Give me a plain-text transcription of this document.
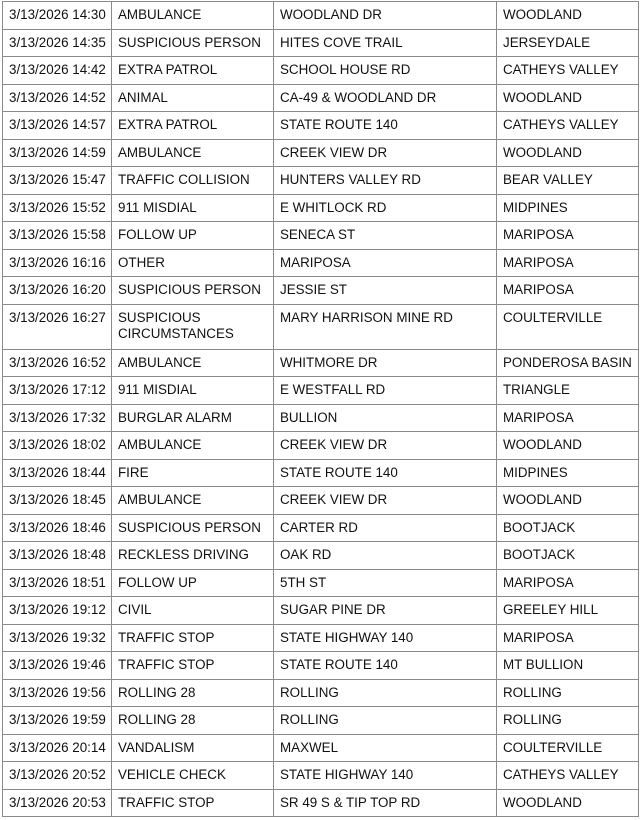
3/13/2026 14:30	AMBULANCE	WOODLAND DR	WOODLAND
3/13/2026 14:35	SUSPICIOUS PERSON	HITES COVE TRAIL	JERSEYDALE
3/13/2026 14:42	EXTRA PATROL	SCHOOL HOUSE RD	CATHEYS VALLEY
3/13/2026 14:52	ANIMAL	CA-49 & WOODLAND DR	WOODLAND
3/13/2026 14:57	EXTRA PATROL	STATE ROUTE 140	CATHEYS VALLEY
3/13/2026 14:59	AMBULANCE	CREEK VIEW DR	WOODLAND
3/13/2026 15:47	TRAFFIC COLLISION	HUNTERS VALLEY RD	BEAR VALLEY
3/13/2026 15:52	911 MISDIAL	E WHITLOCK RD	MIDPINES
3/13/2026 15:58	FOLLOW UP	SENECA ST	MARIPOSA
3/13/2026 16:16	OTHER	MARIPOSA	MARIPOSA
3/13/2026 16:20	SUSPICIOUS PERSON	JESSIE ST	MARIPOSA
3/13/2026 16:27	SUSPICIOUS CIRCUMSTANCES	MARY HARRISON MINE RD	COULTERVILLE
3/13/2026 16:52	AMBULANCE	WHITMORE DR	PONDEROSA BASIN
3/13/2026 17:12	911 MISDIAL	E WESTFALL RD	TRIANGLE
3/13/2026 17:32	BURGLAR ALARM	BULLION	MARIPOSA
3/13/2026 18:02	AMBULANCE	CREEK VIEW DR	WOODLAND
3/13/2026 18:44	FIRE	STATE ROUTE 140	MIDPINES
3/13/2026 18:45	AMBULANCE	CREEK VIEW DR	WOODLAND
3/13/2026 18:46	SUSPICIOUS PERSON	CARTER RD	BOOTJACK
3/13/2026 18:48	RECKLESS DRIVING	OAK RD	BOOTJACK
3/13/2026 18:51	FOLLOW UP	5TH ST	MARIPOSA
3/13/2026 19:12	CIVIL	SUGAR PINE DR	GREELEY HILL
3/13/2026 19:32	TRAFFIC STOP	STATE HIGHWAY 140	MARIPOSA
3/13/2026 19:46	TRAFFIC STOP	STATE ROUTE 140	MT BULLION
3/13/2026 19:56	ROLLING 28	ROLLING	ROLLING
3/13/2026 19:59	ROLLING 28	ROLLING	ROLLING
3/13/2026 20:14	VANDALISM	MAXWEL	COULTERVILLE
3/13/2026 20:52	VEHICLE CHECK	STATE HIGHWAY 140	CATHEYS VALLEY
3/13/2026 20:53	TRAFFIC STOP	SR 49 S & TIP TOP RD	WOODLAND
